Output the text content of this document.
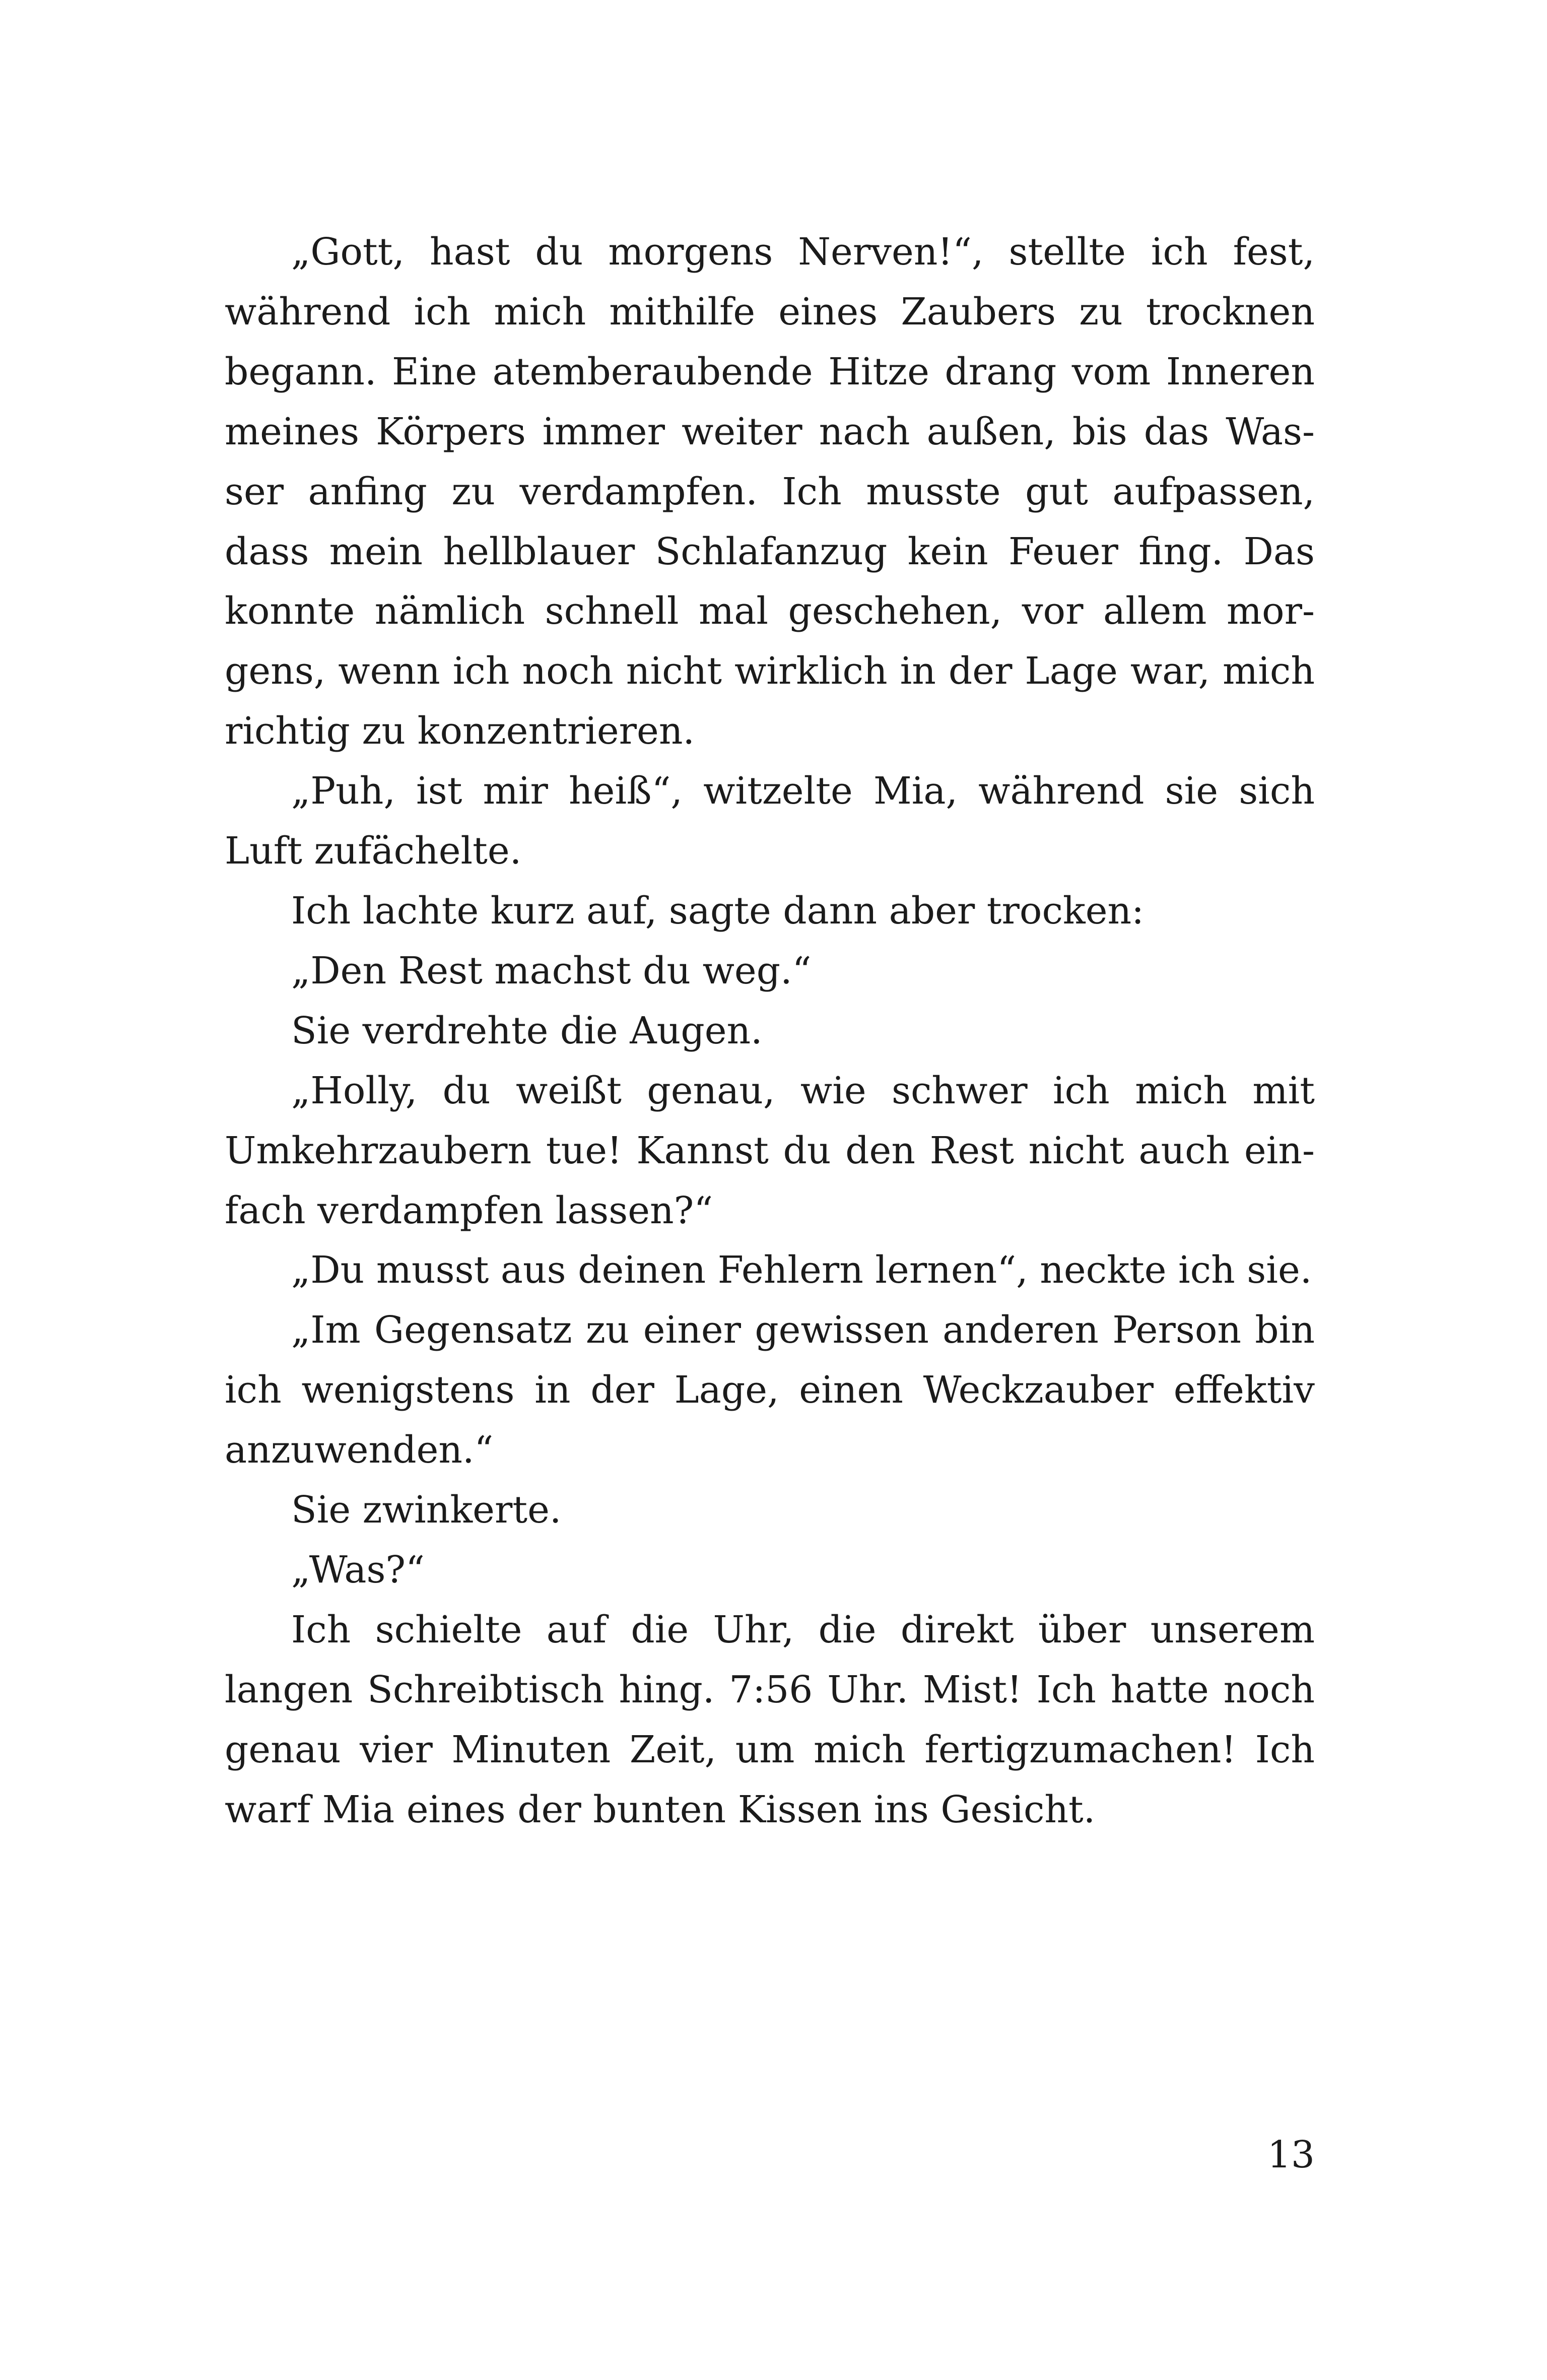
„Gott, hast du morgens Nerven!“, stellte ich fest, während ich mich mithilfe eines Zaubers zu trocknen begann. Eine atemberaubende Hitze drang vom Inneren meines Körpers immer weiter nach außen, bis das Wasser anfing zu verdampfen. Ich musste gut aufpassen, dass mein hellblauer Schlafanzug kein Feuer fing. Das konnte nämlich schnell mal geschehen, vor allem morgens, wenn ich noch nicht wirklich in der Lage war, mich richtig zu konzentrieren.

„Puh, ist mir heiß“, witzelte Mia, während sie sich Luft zufächelte.

Ich lachte kurz auf, sagte dann aber trocken:

„Den Rest machst du weg.“

Sie verdrehte die Augen.

„Holly, du weißt genau, wie schwer ich mich mit Umkehrzaubern tue! Kannst du den Rest nicht auch einfach verdampfen lassen?“

„Du musst aus deinen Fehlern lernen“, neckte ich sie.

„Im Gegensatz zu einer gewissen anderen Person bin ich wenigstens in der Lage, einen Weckzauber effektiv anzuwenden.“

Sie zwinkerte.

„Was?“

Ich schielte auf die Uhr, die direkt über unserem langen Schreibtisch hing. 7:56 Uhr. Mist! Ich hatte noch genau vier Minuten Zeit, um mich fertigzumachen! Ich warf Mia eines der bunten Kissen ins Gesicht.

13
